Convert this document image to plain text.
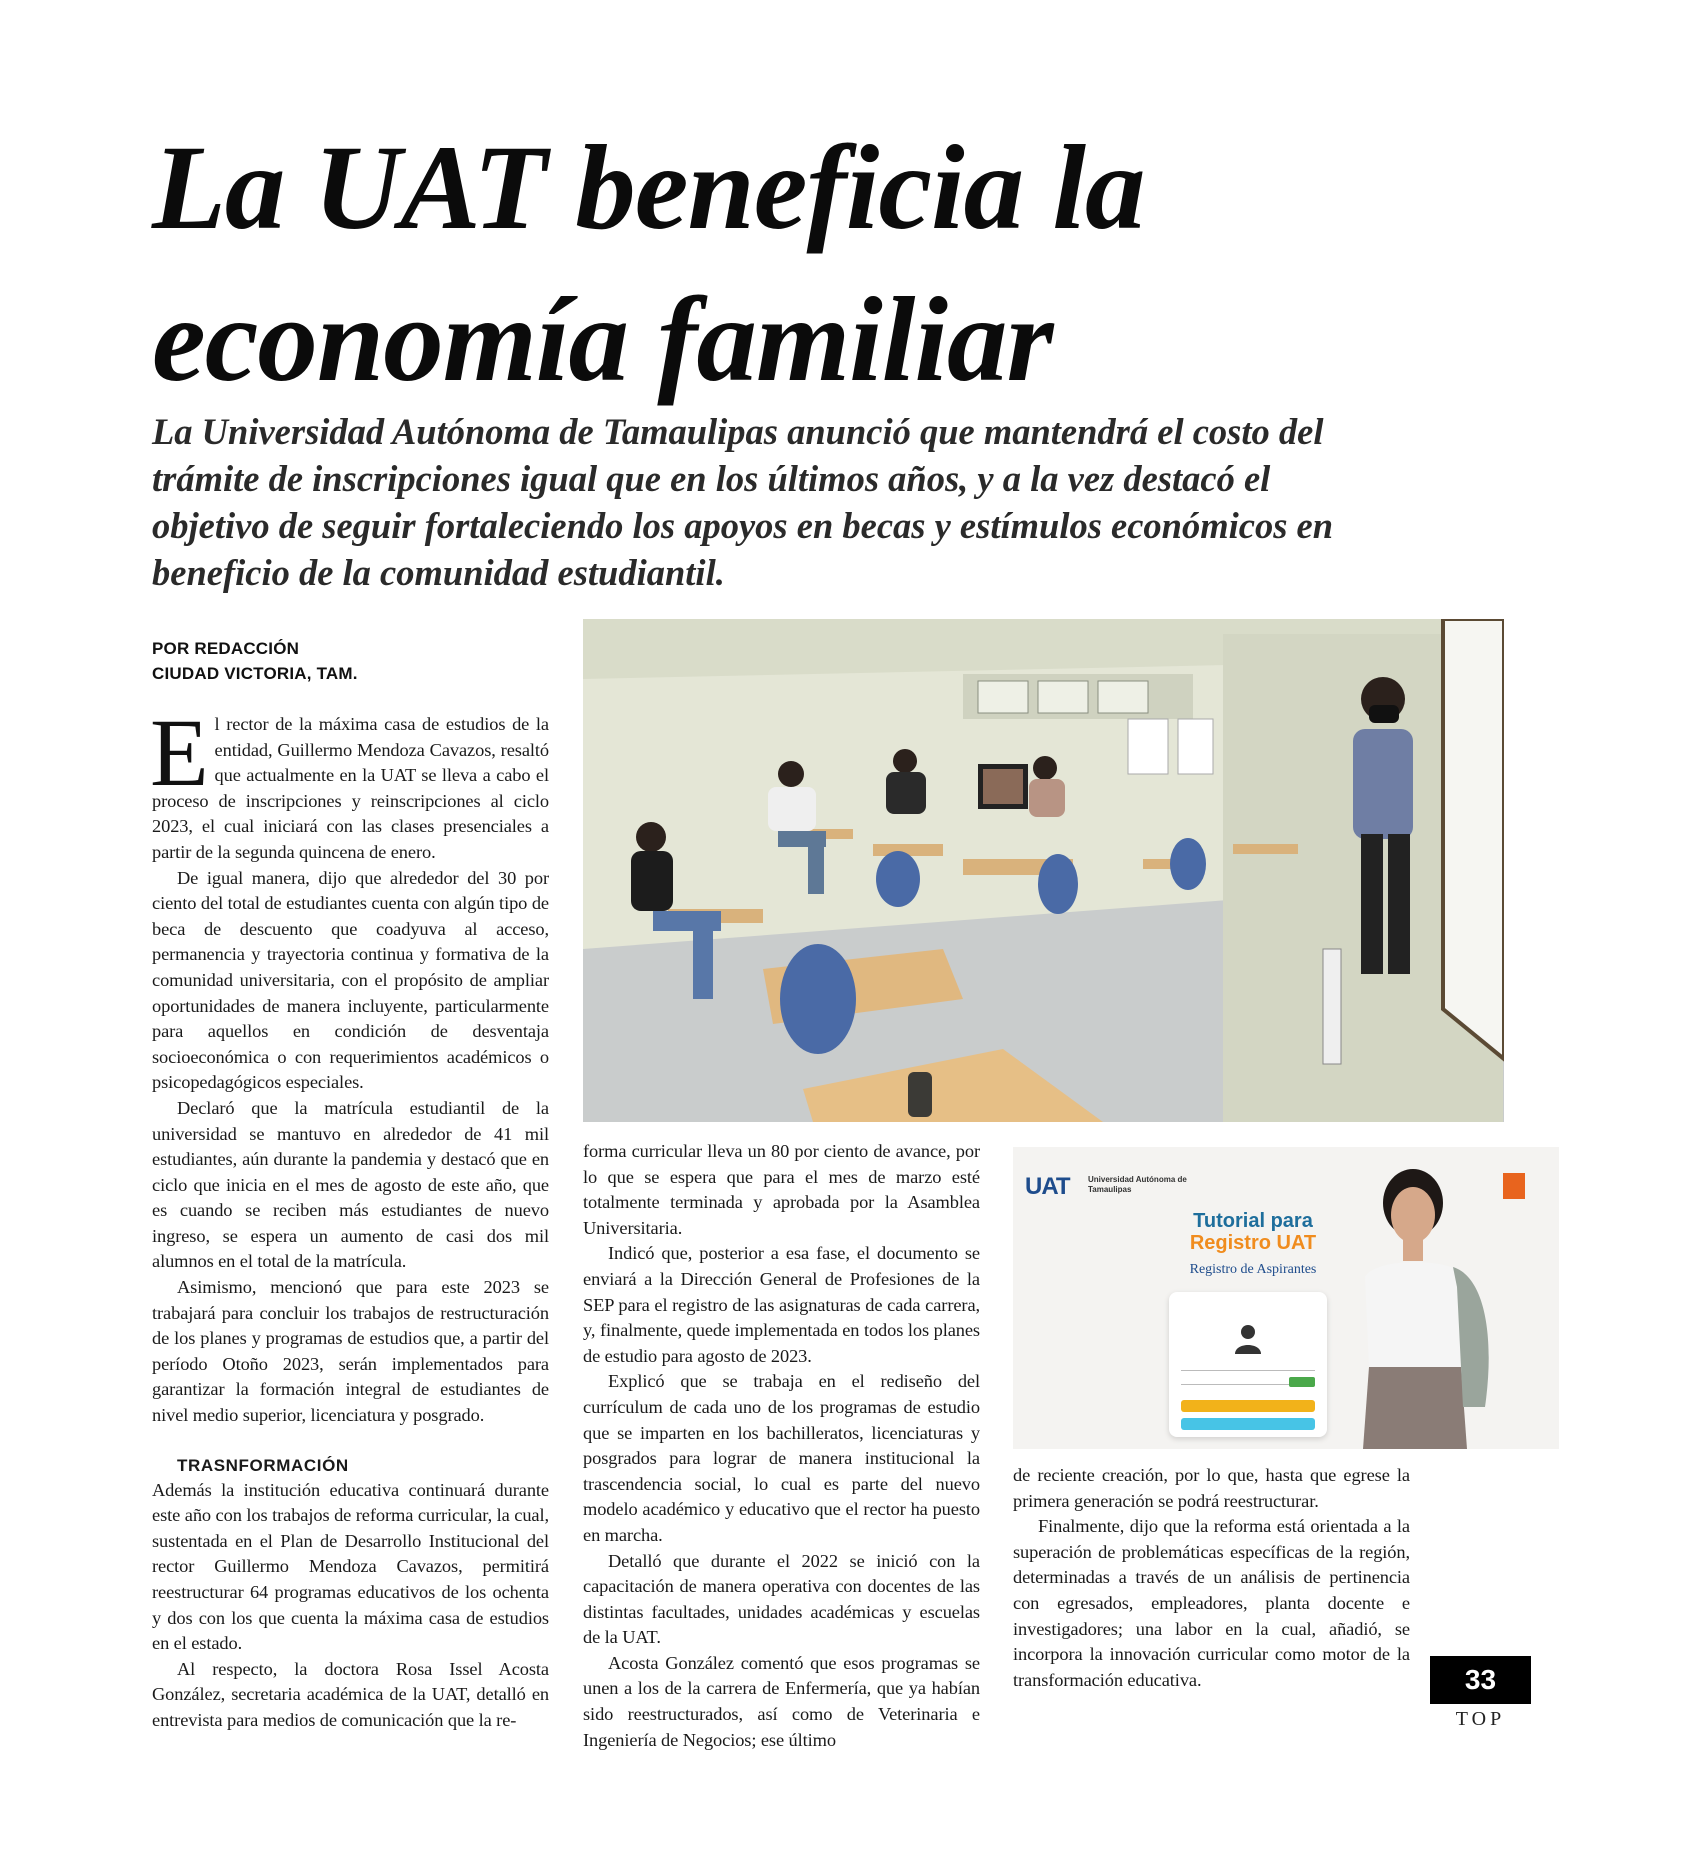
La UAT beneficia la economía familiar

La Universidad Autónoma de Tamaulipas anunció que mantendrá el costo del trámite de inscripciones igual que en los últimos años, y a la vez destacó el objetivo de seguir fortaleciendo los apoyos en becas y estímulos económicos en beneficio de la comunidad estudiantil.

POR REDACCIÓN
CIUDAD VICTORIA, TAM.

El rector de la máxima casa de estudios de la entidad, Guillermo Mendoza Cavazos, resaltó que actualmente en la UAT se lleva a cabo el proceso de inscripciones y reinscripciones al ciclo 2023, el cual iniciará con las clases presenciales a partir de la segunda quincena de enero.

De igual manera, dijo que alrededor del 30 por ciento del total de estudiantes cuenta con algún tipo de beca de descuento que coadyuva al acceso, permanencia y trayectoria continua y formativa de la comunidad universitaria, con el propósito de ampliar oportunidades de manera incluyente, particularmente para aquellos en condición de desventaja socioeconómica o con requerimientos académicos o psicopedagógicos especiales.

Declaró que la matrícula estudiantil de la universidad se mantuvo en alrededor de 41 mil estudiantes, aún durante la pandemia y destacó que en ciclo que inicia en el mes de agosto de este año, que es cuando se reciben más estudiantes de nuevo ingreso, se espera un aumento de casi dos mil alumnos en el total de la matrícula.

Asimismo, mencionó que para este 2023 se trabajará para concluir los trabajos de restructuración de los planes y programas de estudios que, a partir del período Otoño 2023, serán implementados para garantizar la formación integral de estudiantes de nivel medio superior, licenciatura y posgrado.

TRASNFORMACIÓN

Además la institución educativa continuará durante este año con los trabajos de reforma curricular, la cual, sustentada en el Plan de Desarrollo Institucional del rector Guillermo Mendoza Cavazos, permitirá reestructurar 64 programas educativos de los ochenta y dos con los que cuenta la máxima casa de estudios en el estado.

Al respecto, la doctora Rosa Issel Acosta González, secretaria académica de la UAT, detalló en entrevista para medios de comunicación que la re-

forma curricular lleva un 80 por ciento de avance, por lo que se espera que para el mes de marzo esté totalmente terminada y aprobada por la Asamblea Universitaria.

Indicó que, posterior a esa fase, el documento se enviará a la Dirección General de Profesiones de la SEP para el registro de las asignaturas de cada carrera, y, finalmente, quede implementada en todos los planes de estudio para agosto de 2023.

Explicó que se trabaja en el rediseño del currículum de cada uno de los programas de estudio que se imparten en los bachilleratos, licenciaturas y posgrados para lograr de manera institucional la trascendencia social, lo cual es parte del nuevo modelo académico y educativo que el rector ha puesto en marcha.

Detalló que durante el 2022 se inició con la capacitación de manera operativa con docentes de las distintas facultades, unidades académicas y escuelas de la UAT.

Acosta González comentó que esos programas se unen a los de la carrera de Enfermería, que ya habían sido reestructurados, así como de Veterinaria e Ingeniería de Negocios; ese último

UAT Universidad Autónoma de Tamaulipas
Tutorial para
Registro UAT
Registro de Aspirantes

de reciente creación, por lo que, hasta que egrese la primera generación se podrá reestructurar.

Finalmente, dijo que la reforma está orientada a la superación de problemáticas específicas de la región, determinadas a través de un análisis de pertinencia con egresados, empleadores, planta docente e investigadores; una labor en la cual, añadió, se incorpora la innovación curricular como motor de la transformación educativa.	33
TOP
